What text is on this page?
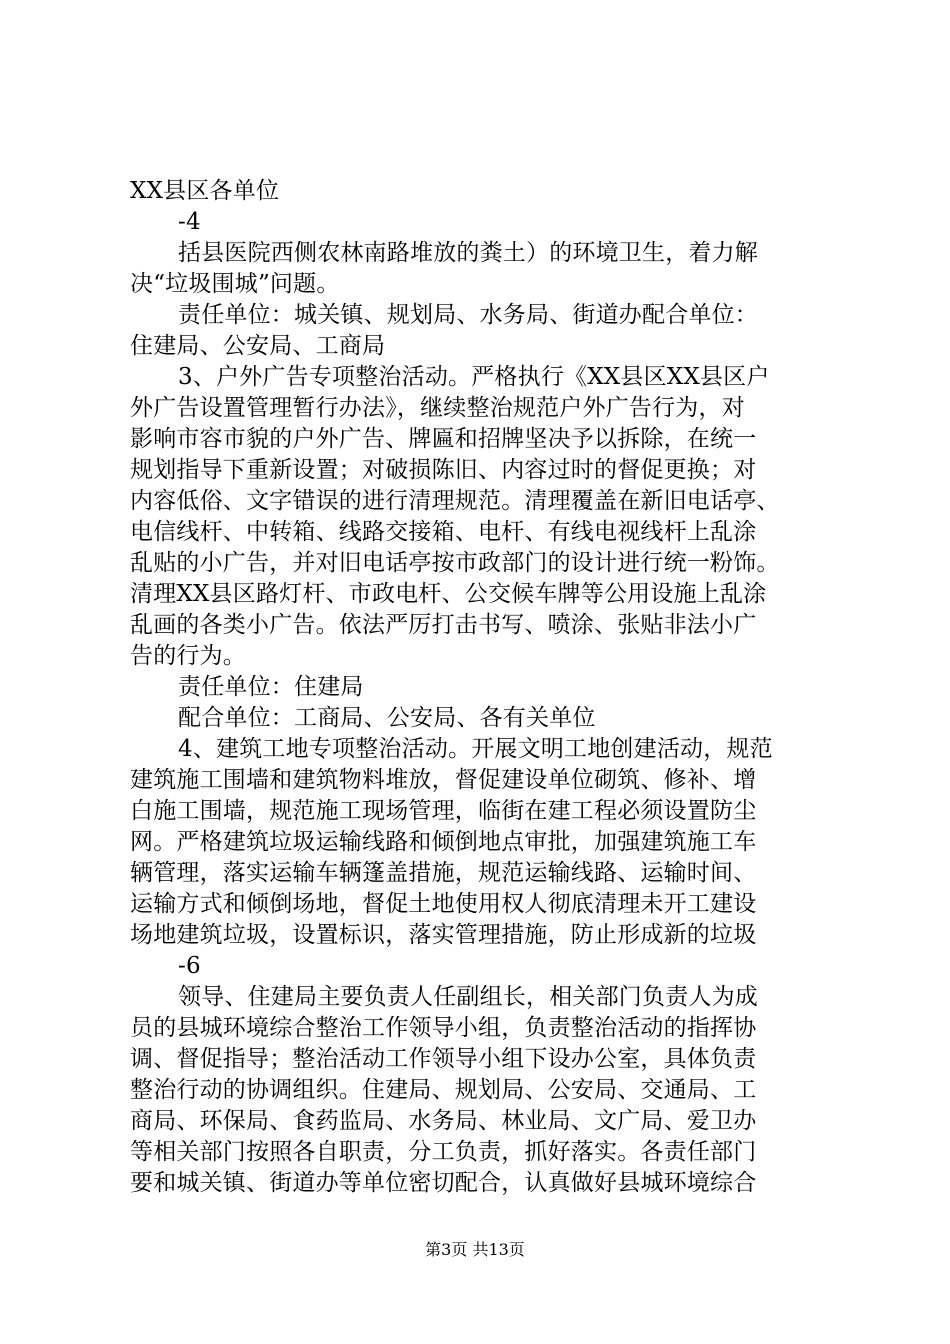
XX县区各单位
-4
括县医院西侧农林南路堆放的粪土）的环境卫生，着力解
决“垃圾围城”问题。
责任单位：城关镇、规划局、水务局、街道办配合单位：
住建局、公安局、工商局
3、户外广告专项整治活动。严格执行《XX县区XX县区户
外广告设置管理暂行办法》，继续整治规范户外广告行为，对
影响市容市貌的户外广告、牌匾和招牌坚决予以拆除，在统一
规划指导下重新设置；对破损陈旧、内容过时的督促更换；对
内容低俗、文字错误的进行清理规范。清理覆盖在新旧电话亭、
电信线杆、中转箱、线路交接箱、电杆、有线电视线杆上乱涂
乱贴的小广告，并对旧电话亭按市政部门的设计进行统一粉饰。
清理XX县区路灯杆、市政电杆、公交候车牌等公用设施上乱涂
乱画的各类小广告。依法严厉打击书写、喷涂、张贴非法小广
告的行为。
责任单位：住建局
配合单位：工商局、公安局、各有关单位
4、建筑工地专项整治活动。开展文明工地创建活动，规范
建筑施工围墙和建筑物料堆放，督促建设单位砌筑、修补、增
白施工围墙，规范施工现场管理，临街在建工程必须设置防尘
网。严格建筑垃圾运输线路和倾倒地点审批，加强建筑施工车
辆管理，落实运输车辆篷盖措施，规范运输线路、运输时间、
运输方式和倾倒场地，督促土地使用权人彻底清理未开工建设
场地建筑垃圾，设置标识，落实管理措施，防止形成新的垃圾
-6
领导、住建局主要负责人任副组长，相关部门负责人为成
员的县城环境综合整治工作领导小组，负责整治活动的指挥协
调、督促指导；整治活动工作领导小组下设办公室，具体负责
整治行动的协调组织。住建局、规划局、公安局、交通局、工
商局、环保局、食药监局、水务局、林业局、文广局、爱卫办
等相关部门按照各自职责，分工负责，抓好落实。各责任部门
要和城关镇、街道办等单位密切配合，认真做好县城环境综合
第3页 共13页
